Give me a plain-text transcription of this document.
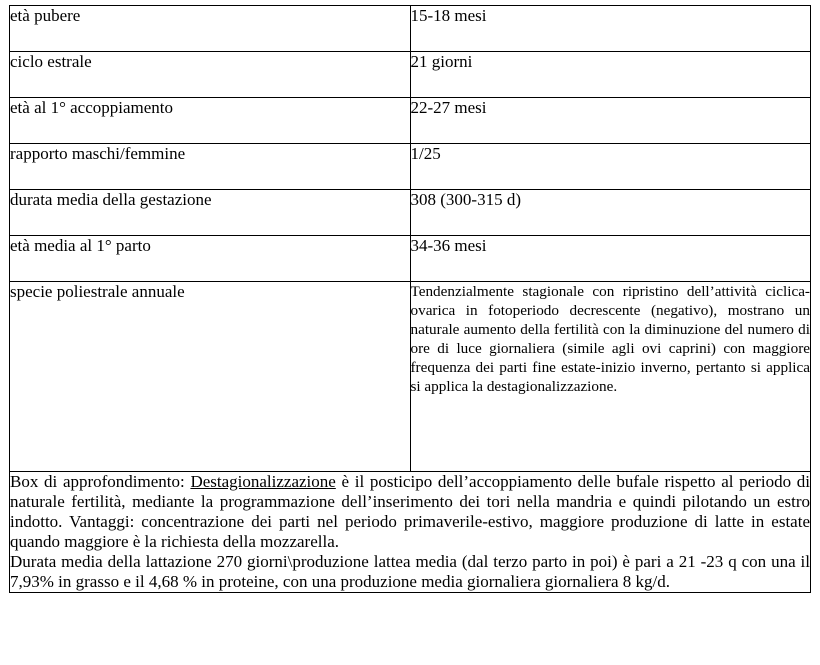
età pubere	15-18 mesi
ciclo estrale	21 giorni
età al 1° accoppiamento	22-27 mesi
rapporto maschi/femmine	1/25
durata media della gestazione	308 (300-315 d)
età media al 1° parto	34-36 mesi
specie poliestrale annuale	Tendenzialmente stagionale con ripristino dell’attività ciclica-ovarica in fotoperiodo decrescente (negativo), mostrano un naturale aumento della fertilità con la diminuzione del numero di ore di luce giornaliera (simile agli ovi caprini) con maggiore frequenza dei parti fine estate-inizio inverno, pertanto si applica si applica la destagionalizzazione.

Box di approfondimento: Destagionalizzazione è il posticipo dell’accoppiamento delle bufale rispetto al periodo di naturale fertilità, mediante la programmazione dell’inserimento dei tori nella mandria e quindi pilotando un estro indotto. Vantaggi: concentrazione dei parti nel periodo primaverile-estivo, maggiore produzione di latte in estate quando maggiore è la richiesta della mozzarella.

Durata media della lattazione 270 giorni\produzione lattea media (dal terzo parto in poi) è pari a 21 -23 q con una il 7,93% in grasso e il 4,68 % in proteine, con una produzione media giornaliera giornaliera 8 kg/d.	
